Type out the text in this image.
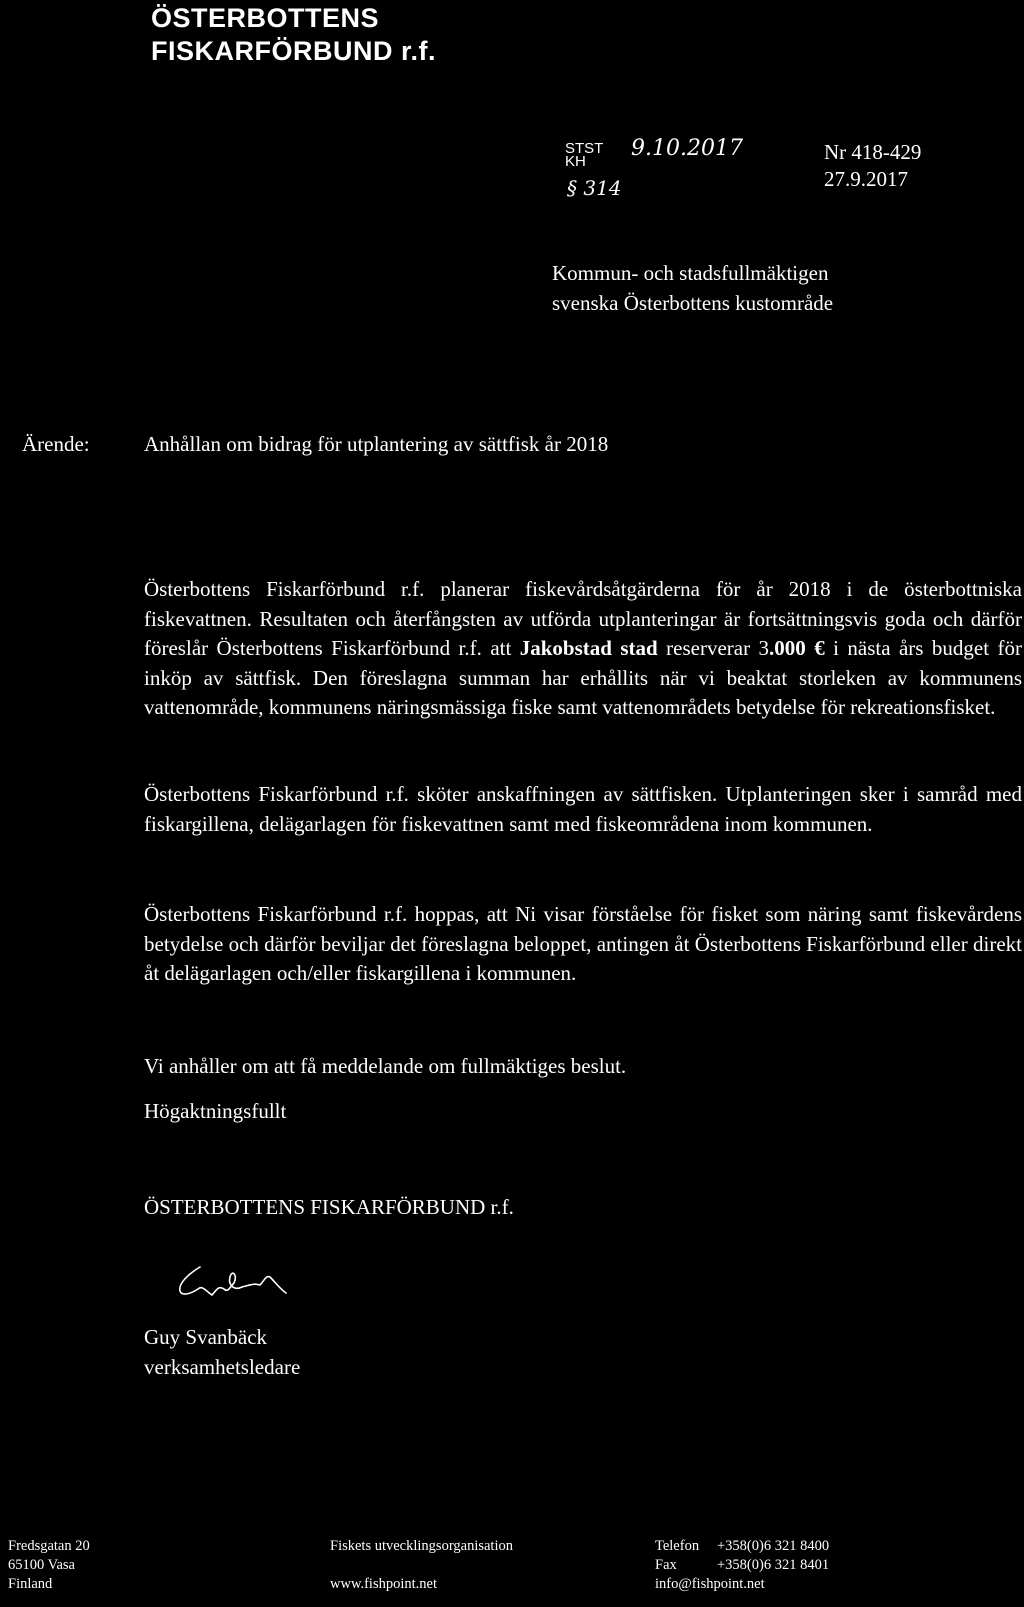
ÖSTERBOTTENS
FISKARFÖRBUND r.f.
STST
KH
9.10.2017
§ 314
Nr 418-429
27.9.2017
Kommun- och stadsfullmäktigen
svenska Österbottens kustområde
Ärende:	Anhållan om bidrag för utplantering av sättfisk år 2018
Österbottens Fiskarförbund r.f. planerar fiskevårdsåtgärderna för år 2018 i de österbottniska fiskevattnen. Resultaten och återfångsten av utförda utplanteringar är fortsättningsvis goda och därför föreslår Österbottens Fiskarförbund r.f. att Jakobstad stad reserverar 3.000 € i nästa års budget för inköp av sättfisk. Den föreslagna summan har erhållits när vi beaktat storleken av kommunens vattenområde, kommunens näringsmässiga fiske samt vattenområdets betydelse för rekreationsfisket.
Österbottens Fiskarförbund r.f. sköter anskaffningen av sättfisken. Utplanteringen sker i samråd med fiskargillena, delägarlagen för fiskevattnen samt med fiskeområdena inom kommunen.
Österbottens Fiskarförbund r.f. hoppas, att Ni visar förståelse för fisket som näring samt fiskevårdens betydelse och därför beviljar det föreslagna beloppet, antingen åt Österbottens Fiskarförbund eller direkt åt delägarlagen och/eller fiskargillena i kommunen.
Vi anhåller om att få meddelande om fullmäktiges beslut.
Högaktningsfullt
ÖSTERBOTTENS FISKARFÖRBUND r.f.
Guy Svanbäck
verksamhetsledare
Fredsgatan 20
65100 Vasa
Finland
Fiskets utvecklingsorganisation

www.fishpoint.net
Telefon +358(0)6 321 8400
Fax	+358(0)6 321 8401
info@fishpoint.net
